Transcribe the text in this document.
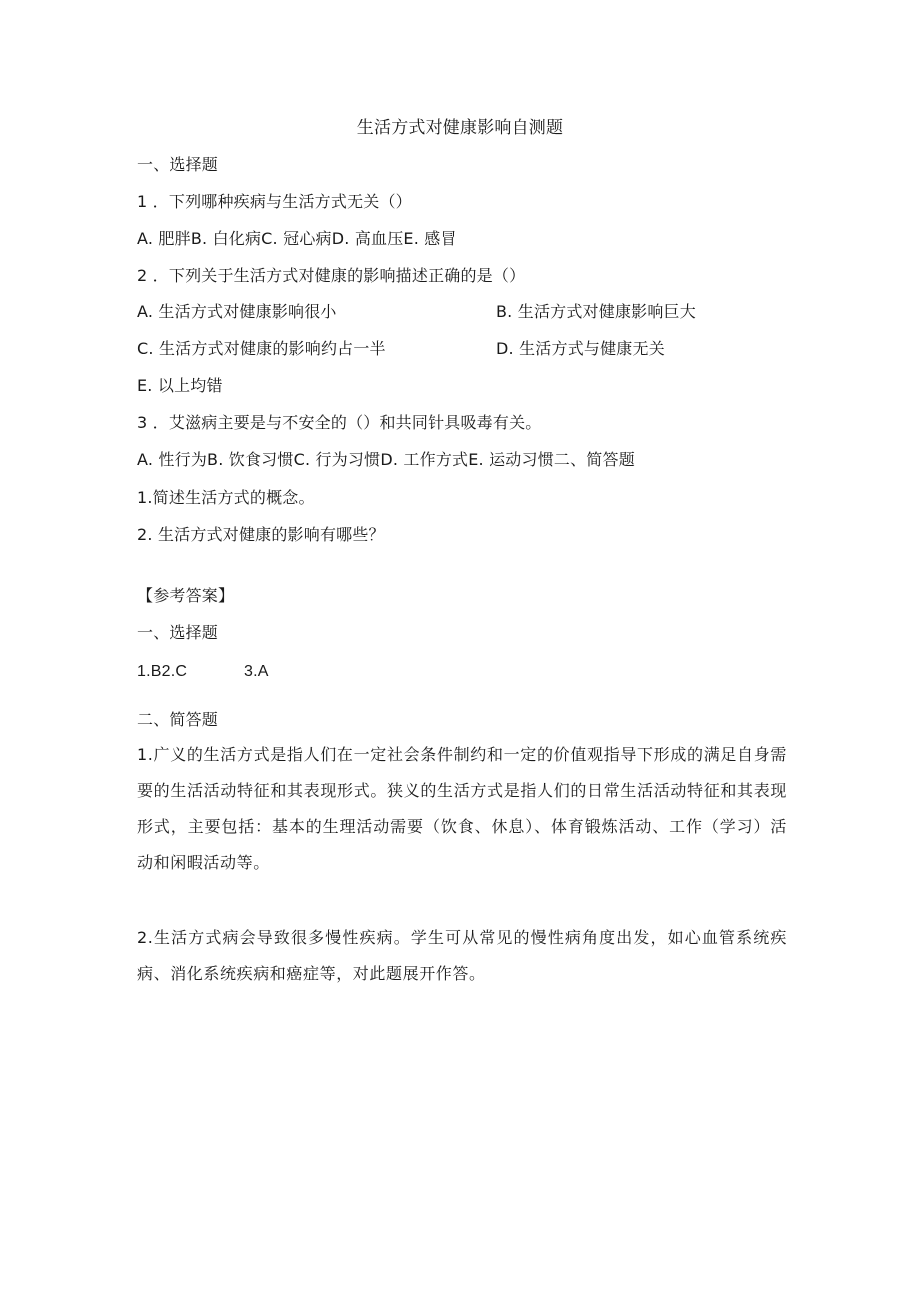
生活方式对健康影响自测题
一、选择题
1 ．下列哪种疾病与生活方式无关（）
A. 肥胖B. 白化病C. 冠心病D. 高血压E. 感冒
2 ．下列关于生活方式对健康的影响描述正确的是（）
A. 生活方式对健康影响很小	B. 生活方式对健康影响巨大
C. 生活方式对健康的影响约占一半	D. 生活方式与健康无关
E. 以上均错
3 ．艾滋病主要是与不安全的（）和共同针具吸毒有关。
A. 性行为B. 饮食习惯C. 行为习惯D. 工作方式E. 运动习惯二、简答题
1.简述生活方式的概念。
2. 生活方式对健康的影响有哪些？
【参考答案】
一、选择题
1.B2.C	3.A
二、简答题
1.广义的生活方式是指人们在一定社会条件制约和一定的价值观指导下形成的满足自身需要的生活活动特征和其表现形式。狭义的生活方式是指人们的日常生活活动特征和其表现形式，主要包括：基本的生理活动需要（饮食、休息）、体育锻炼活动、工作（学习）活动和闲暇活动等。
2.生活方式病会导致很多慢性疾病。学生可从常见的慢性病角度出发，如心血管系统疾病、消化系统疾病和癌症等，对此题展开作答。
